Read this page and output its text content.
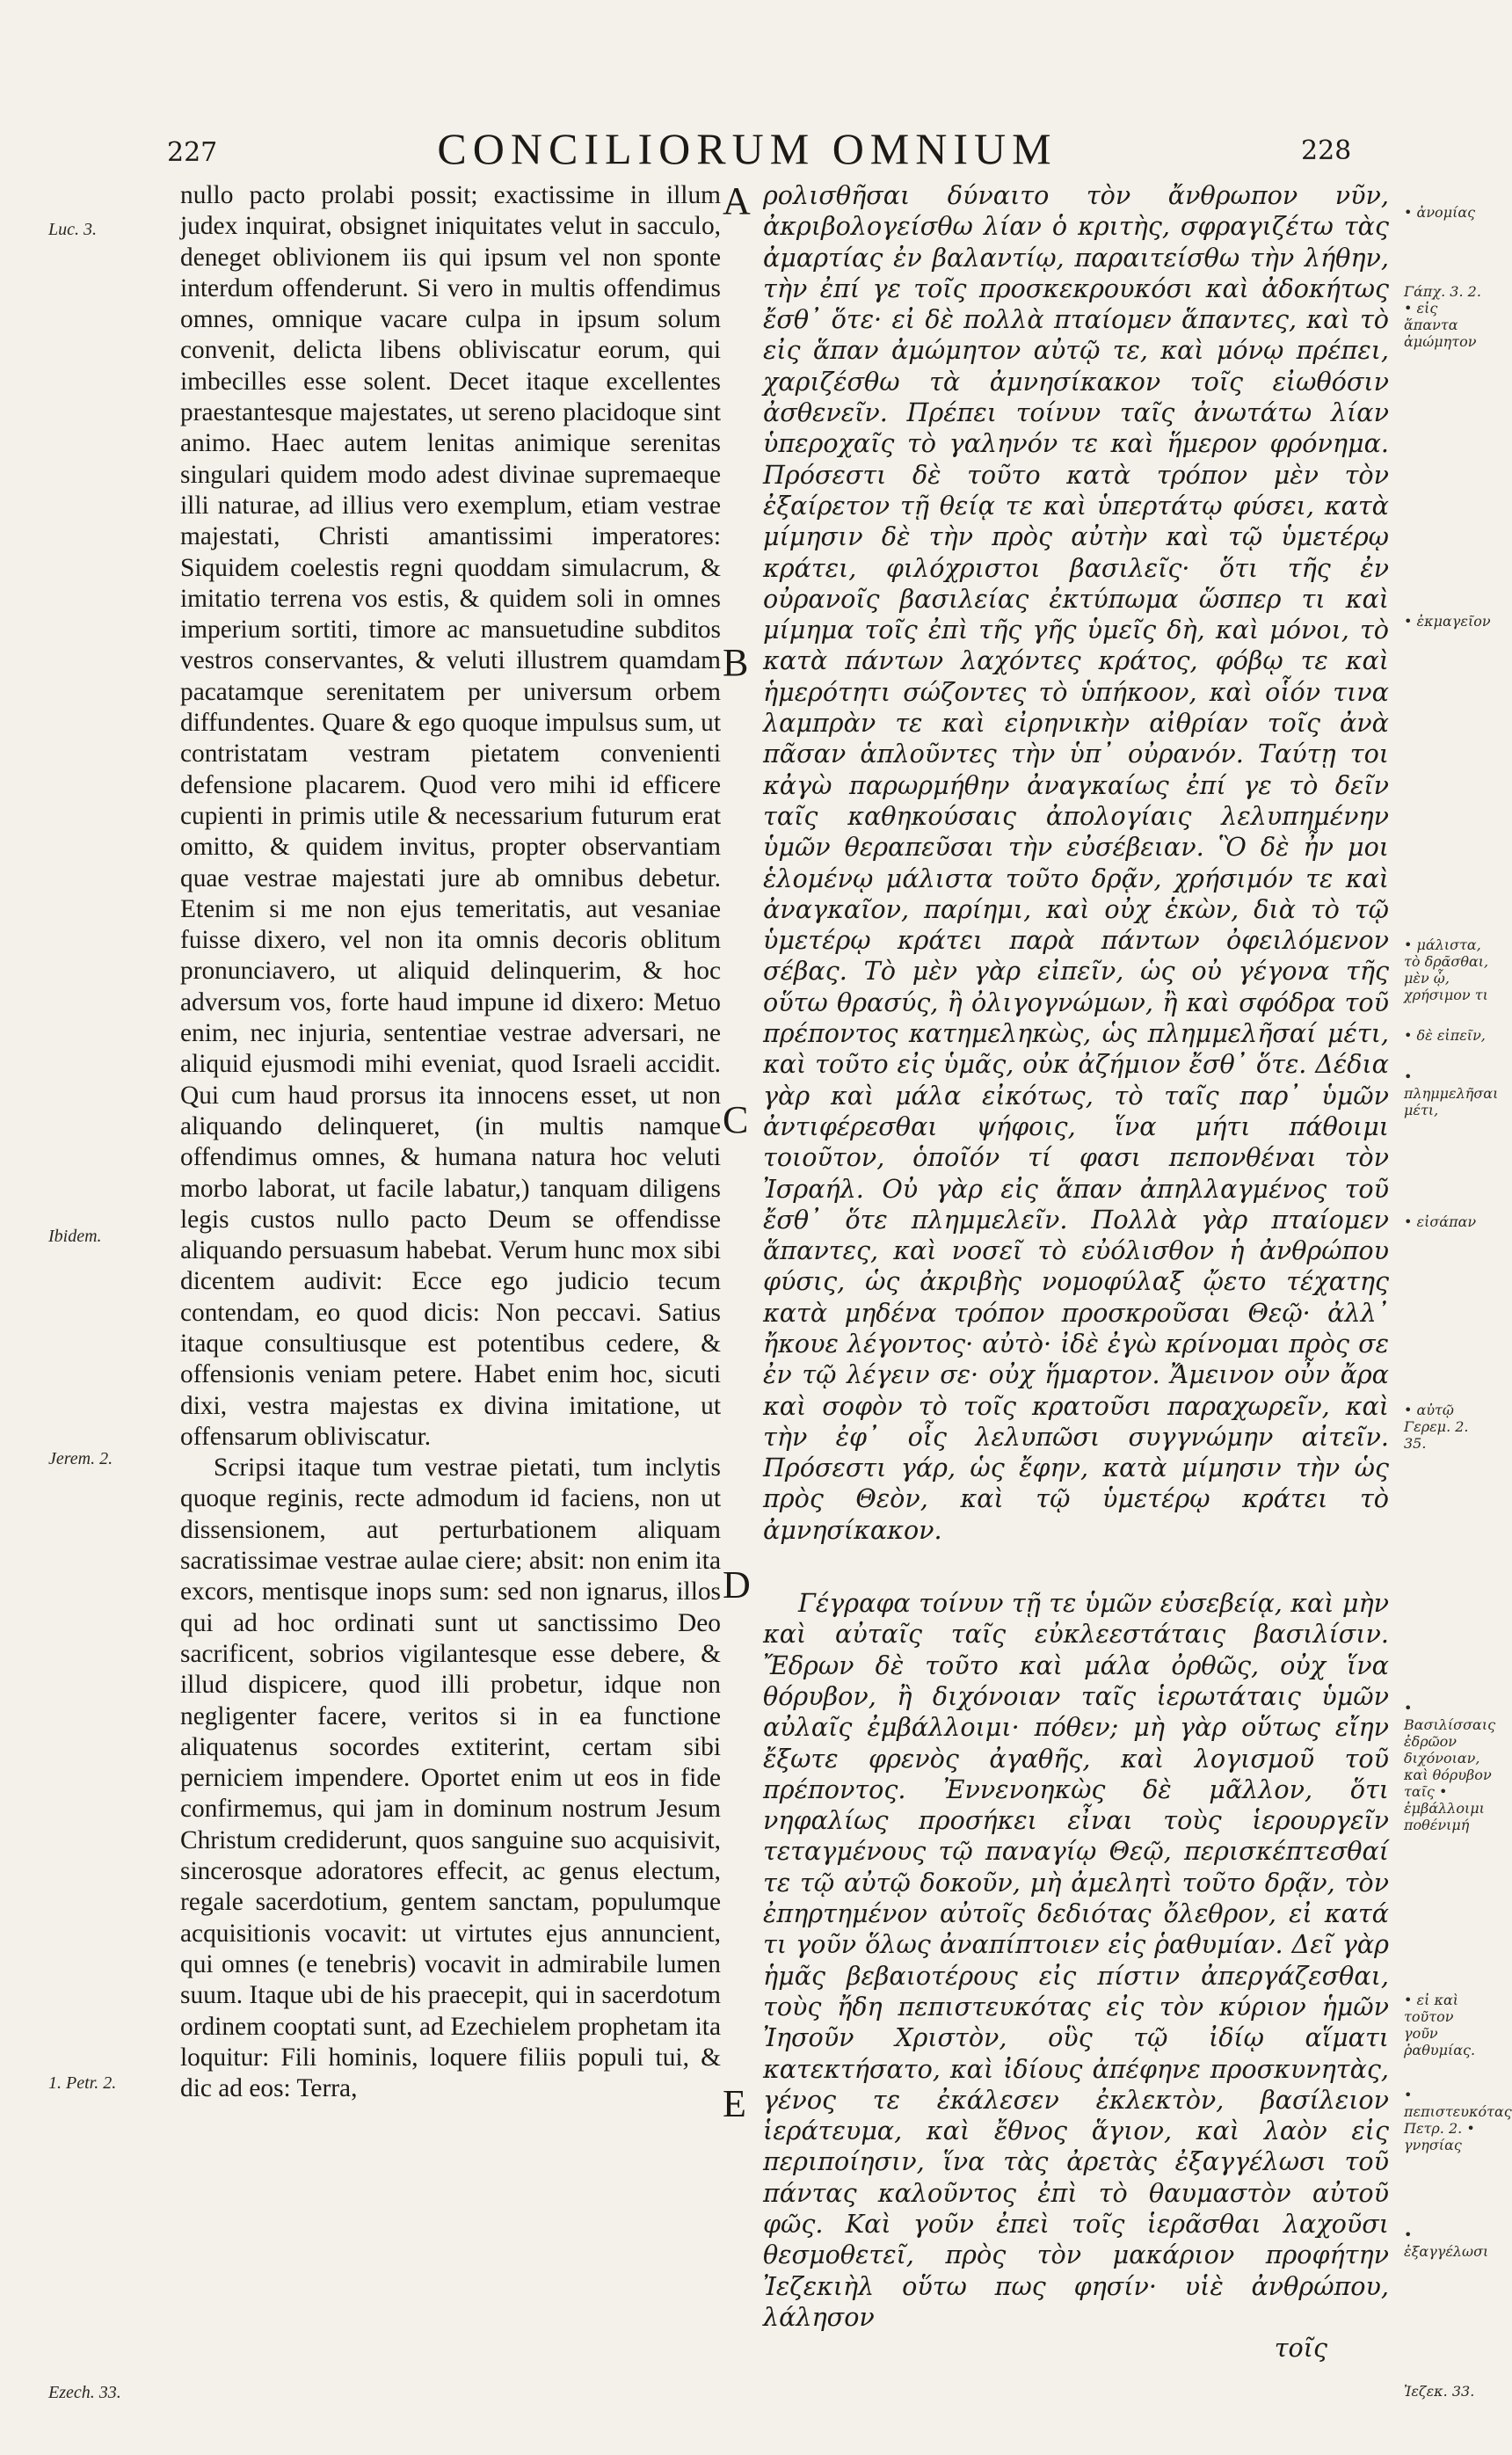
227	CONCILIORUM OMNIUM	228
Luc. 3.
Ibidem.
Jerem. 2.
1. Petr. 2.
Ezech. 33.

nullo pacto prolabi possit; exactissime in illum judex inquirat, obsignet iniquitates velut in sacculo, deneget oblivionem iis qui ipsum vel non sponte interdum offenderunt. Si vero in multis offendimus omnes, omnique vacare culpa in ipsum solum convenit, delicta libens obliviscatur eorum, qui imbecilles esse solent. Decet itaque excellentes praestantesque majestates, ut sereno placidoque sint animo. Haec autem lenitas animique serenitas singulari quidem modo adest divinae supremaeque illi naturae, ad illius vero exemplum, etiam vestrae majestati, Christi amantissimi imperatores: Siquidem coelestis regni quoddam simulacrum, & imitatio terrena vos estis, & quidem soli in omnes imperium sortiti, timore ac mansuetudine subditos vestros conservantes, & veluti illustrem quamdam pacatamque serenitatem per universum orbem diffundentes. Quare & ego quoque impulsus sum, ut contristatam vestram pietatem convenienti defensione placarem. Quod vero mihi id efficere cupienti in primis utile & necessarium futurum erat omitto, & quidem invitus, propter observantiam quae vestrae majestati jure ab omnibus debetur. Etenim si me non ejus temeritatis, aut vesaniae fuisse dixero, vel non ita omnis decoris oblitum pronunciavero, ut aliquid delinquerim, & hoc adversum vos, forte haud impune id dixero: Metuo enim, nec injuria, sententiae vestrae adversari, ne aliquid ejusmodi mihi eveniat, quod Israeli accidit. Qui cum haud prorsus ita innocens esset, ut non aliquando delinqueret, (in multis namque offendimus omnes, & humana natura hoc veluti morbo laborat, ut facile labatur,) tanquam diligens legis custos nullo pacto Deum se offendisse aliquando persuasum habebat. Verum hunc mox sibi dicentem audivit: Ecce ego judicio tecum contendam, eo quod dicis: Non peccavi. Satius itaque consultiusque est potentibus cedere, & offensionis veniam petere. Habet enim hoc, sicuti dixi, vestra majestas ex divina imitatione, ut offensarum obliviscatur.

Scripsi itaque tum vestrae pietati, tum inclytis quoque reginis, recte admodum id faciens, non ut dissensionem, aut perturbationem aliquam sacratissimae vestrae aulae ciere; absit: non enim ita excors, mentisque inops sum: sed non ignarus, illos qui ad hoc ordinati sunt ut sanctissimo Deo sacrificent, sobrios vigilantesque esse debere, & illud dispicere, quod illi probetur, idque non negligenter facere, veritos si in ea functione aliquatenus socordes extiterint, certam sibi perniciem impendere. Oportet enim ut eos in fide confirmemus, qui jam in dominum nostrum Jesum Christum crediderunt, quos sanguine suo acquisivit, sincerosque adoratores effecit, ac genus electum, regale sacerdotium, gentem sanctam, populumque acquisitionis vocavit: ut virtutes ejus annuncient, qui omnes (e tenebris) vocavit in admirabile lumen suum. Itaque ubi de his praecepit, qui in sacerdotum ordinem cooptati sunt, ad Ezechielem prophetam ita loquitur: Fili hominis, loquere filiis populi tui, & dic ad eos: Terra,

A
B
C
D
E

ρολισθῆσαι δύναιτο τὸν ἄνθρωπον νῦν, ἀκριβολογείσθω λίαν ὁ κριτὴς, σφραγιζέτω τὰς ἀμαρτίας ἐν βαλαντίῳ, παραιτείσθω τὴν λήθην, τὴν ἐπί γε τοῖς προσκεκρουκόσι καὶ ἀδοκήτως ἔσθ᾽ ὅτε· εἰ δὲ πολλὰ πταίομεν ἅπαντες, καὶ τὸ εἰς ἅπαν ἀμώμητον αὐτῷ τε, καὶ μόνῳ πρέπει, χαριζέσθω τὰ ἀμνησίκακον τοῖς εἰωθόσιν ἀσθενεῖν. Πρέπει τοίνυν ταῖς ἀνωτάτω λίαν ὑπεροχαῖς τὸ γαληνόν τε καὶ ἥμερον φρόνημα. Πρόσεστι δὲ τοῦτο κατὰ τρόπον μὲν τὸν ἐξαίρετον τῇ θείᾳ τε καὶ ὑπερτάτῳ φύσει, κατὰ μίμησιν δὲ τὴν πρὸς αὐτὴν καὶ τῷ ὑμετέρῳ κράτει, φιλόχριστοι βασιλεῖς· ὅτι τῆς ἐν οὐρανοῖς βασιλείας ἐκτύπωμα ὥσπερ τι καὶ μίμημα τοῖς ἐπὶ τῆς γῆς ὑμεῖς δὴ, καὶ μόνοι, τὸ κατὰ πάντων λαχόντες κράτος, φόβῳ τε καὶ ἡμερότητι σώζοντες τὸ ὑπήκοον, καὶ οἷόν τινα λαμπρὰν τε καὶ εἰρηνικὴν αἰθρίαν τοῖς ἀνὰ πᾶσαν ἁπλοῦντες τὴν ὑπ᾽ οὐρανόν. Ταύτῃ τοι κἀγὼ παρωρμήθην ἀναγκαίως ἐπί γε τὸ δεῖν ταῖς καθηκούσαις ἀπολογίαις λελυπημένην ὑμῶν θεραπεῦσαι τὴν εὐσέβειαν. Ὃ δὲ ἦν μοι ἑλομένῳ μάλιστα τοῦτο δρᾷν, χρήσιμόν τε καὶ ἀναγκαῖον, παρίημι, καὶ οὐχ ἑκὼν, διὰ τὸ τῷ ὑμετέρῳ κράτει παρὰ πάντων ὀφειλόμενον σέβας. Τὸ μὲν γὰρ εἰπεῖν, ὡς οὐ γέγονα τῆς οὕτω θρασύς, ἢ ὀλιγογνώμων, ἢ καὶ σφόδρα τοῦ πρέποντος κατημεληκὼς, ὡς πλημμελῆσαί μέτι, καὶ τοῦτο εἰς ὑμᾶς, οὐκ ἀζήμιον ἔσθ᾽ ὅτε. Δέδια γὰρ καὶ μάλα εἰκότως, τὸ ταῖς παρ᾽ ὑμῶν ἀντιφέρεσθαι ψήφοις, ἵνα μήτι πάθοιμι τοιοῦτον, ὁποῖόν τί φασι πεπονθέναι τὸν Ἰσραήλ. Οὐ γὰρ εἰς ἅπαν ἀπηλλαγμένος τοῦ ἔσθ᾽ ὅτε πλημμελεῖν. Πολλὰ γὰρ πταίομεν ἅπαντες, καὶ νοσεῖ τὸ εὐόλισθον ἡ ἀνθρώπου φύσις, ὡς ἀκριβὴς νομοφύλαξ ᾤετο τέχατης κατὰ μηδένα τρόπον προσκροῦσαι Θεῷ· ἀλλ᾽ ἤκουε λέγοντος· αὐτὸ· ἰδὲ ἐγὼ κρίνομαι πρὸς σε ἐν τῷ λέγειν σε· οὐχ ἥμαρτον. Ἄμεινον οὖν ἄρα καὶ σοφὸν τὸ τοῖς κρατοῦσι παραχωρεῖν, καὶ τὴν ἐφ᾽ οἷς λελυπῶσι συγγνώμην αἰτεῖν. Πρόσεστι γάρ, ὡς ἔφην, κατὰ μίμησιν τὴν ὡς πρὸς Θεὸν, καὶ τῷ ὑμετέρῳ κράτει τὸ ἀμνησίκακον.

Γέγραφα τοίνυν τῇ τε ὑμῶν εὐσεβείᾳ, καὶ μὴν καὶ αὐταῖς ταῖς εὐκλεεστάταις βασιλίσιν. Ἔδρων δὲ τοῦτο καὶ μάλα ὀρθῶς, οὐχ ἵνα θόρυβον, ἢ διχόνοιαν ταῖς ἱερωτάταις ὑμῶν αὐλαῖς ἐμβάλλοιμι· πόθεν; μὴ γὰρ οὕτως εἴην ἔξωτε φρενὸς ἀγαθῆς, καὶ λογισμοῦ τοῦ πρέποντος. Ἐννενοηκὼς δὲ μᾶλλον, ὅτι νηφαλίως προσήκει εἶναι τοὺς ἱερουργεῖν τεταγμένους τῷ παναγίῳ Θεῷ, περισκέπτεσθαί τε τῷ αὐτῷ δοκοῦν, μὴ ἀμελητὶ τοῦτο δρᾷν, τὸν ἐπηρτημένον αὐτοῖς δεδιότας ὄλεθρον, εἰ κατά τι γοῦν ὅλως ἀναπίπτοιεν εἰς ῥαθυμίαν. Δεῖ γὰρ ἡμᾶς βεβαιοτέρους εἰς πίστιν ἀπεργάζεσθαι, τοὺς ἤδη πεπιστευκότας εἰς τὸν κύριον ἡμῶν Ἰησοῦν Χριστὸν, οὓς τῷ ἰδίῳ αἵματι κατεκτήσατο, καὶ ἰδίους ἀπέφηνε προσκυνητὰς, γένος τε ἐκάλεσεν ἐκλεκτὸν, βασίλειον ἱεράτευμα, καὶ ἔθνος ἅγιον, καὶ λαὸν εἰς περιποίησιν, ἵνα τὰς ἀρετὰς ἐξαγγέλωσι τοῦ πάντας καλοῦντος ἐπὶ τὸ θαυμαστὸν αὐτοῦ φῶς. Καὶ γοῦν ἐπεὶ τοῖς ἱερᾶσθαι λαχοῦσι θεσμοθετεῖ, πρὸς τὸν μακάριον προφήτην Ἰεζεκιὴλ οὕτω πως φησίν· υἱὲ ἀνθρώπου, λάλησον

τοῖς

• ἀνομίας
Γάπχ. 3. 2. • εἰς ἅπαντα ἀμώμητον
• ἐκμαγεῖον
• μάλιστα, τὸ δρᾶσθαι, μὲν ᾧ, χρήσιμον τι
• δὲ εἰπεῖν,
• πλημμελῆσαι μέτι,
• εἰσάπαν
• αὐτῷ Γερεμ. 2. 35.
• Βασιλίσσαις ἐδρῶον διχόνοιαν, καὶ θόρυβον ταῖς • ἐμβάλλοιμι ποθένιμή
• εἰ καὶ τοῦτον γοῦν ῥαθυμίας.
• πεπιστευκότας Πετρ. 2. • γνησίας
• ἐξαγγέλωσι
Ἰεζεκ. 33.
